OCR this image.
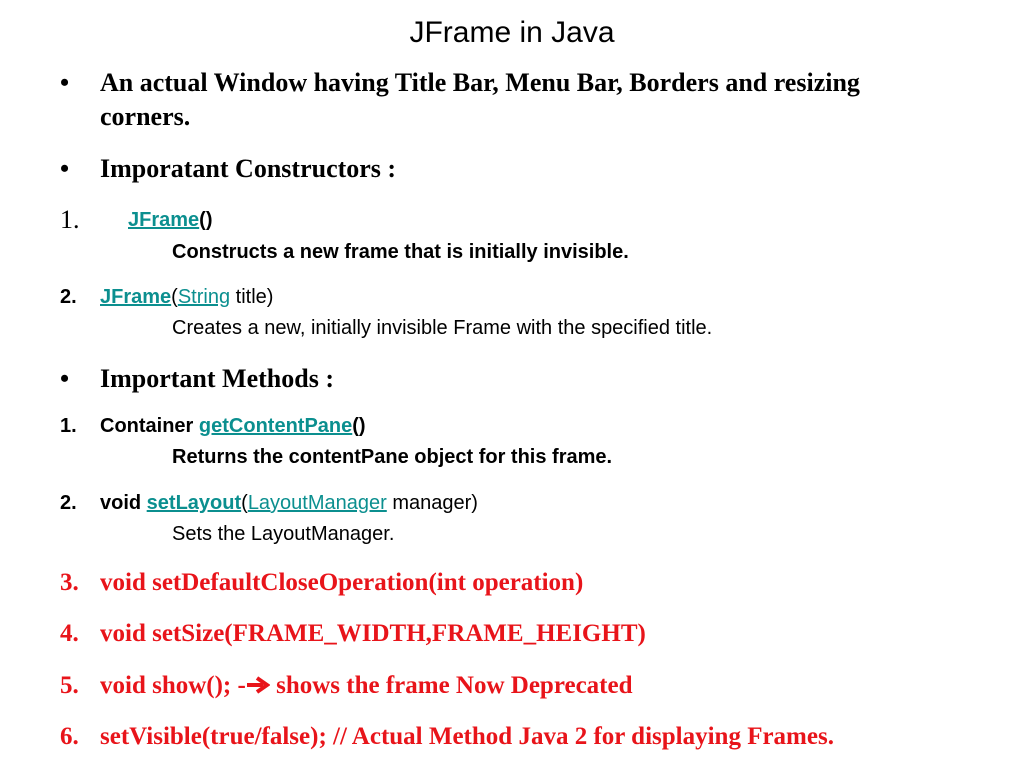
JFrame in Java
• An actual Window having Title Bar, Menu Bar, Borders and resizing
corners.
• Imporatant Constructors :
1. JFrame()
Constructs a new frame that is initially invisible.
2. JFrame(String title)
Creates a new, initially invisible Frame with the specified title.
• Important Methods :
1. Container getContentPane()
Returns the contentPane object for this frame.
2. void setLayout(LayoutManager manager)
Sets the LayoutManager.
3. void setDefaultCloseOperation(int operation)
4. void setSize(FRAME_WIDTH,FRAME_HEIGHT)
5. void show(); - shows the frame Now Deprecated
6. setVisible(true/false); // Actual Method Java 2 for displaying Frames.
